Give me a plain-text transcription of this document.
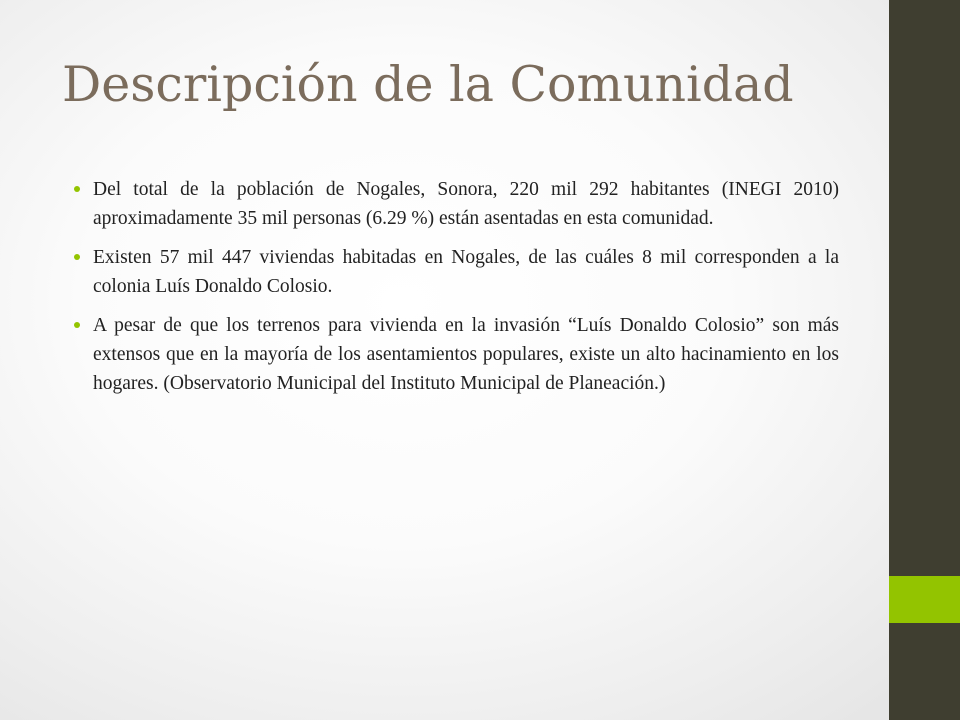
Descripción de la Comunidad
Del total de la población de Nogales, Sonora, 220 mil 292 habitantes (INEGI 2010) aproximadamente 35 mil personas (6.29 %) están asentadas en esta comunidad.
Existen 57 mil 447 viviendas habitadas en Nogales, de las cuáles 8 mil corresponden a la colonia Luís Donaldo Colosio.
A pesar de que los terrenos para vivienda en la invasión “Luís Donaldo Colosio” son más extensos que en la mayoría de los asentamientos populares, existe un alto hacinamiento en los hogares. (Observatorio Municipal del Instituto Municipal de Planeación.)
